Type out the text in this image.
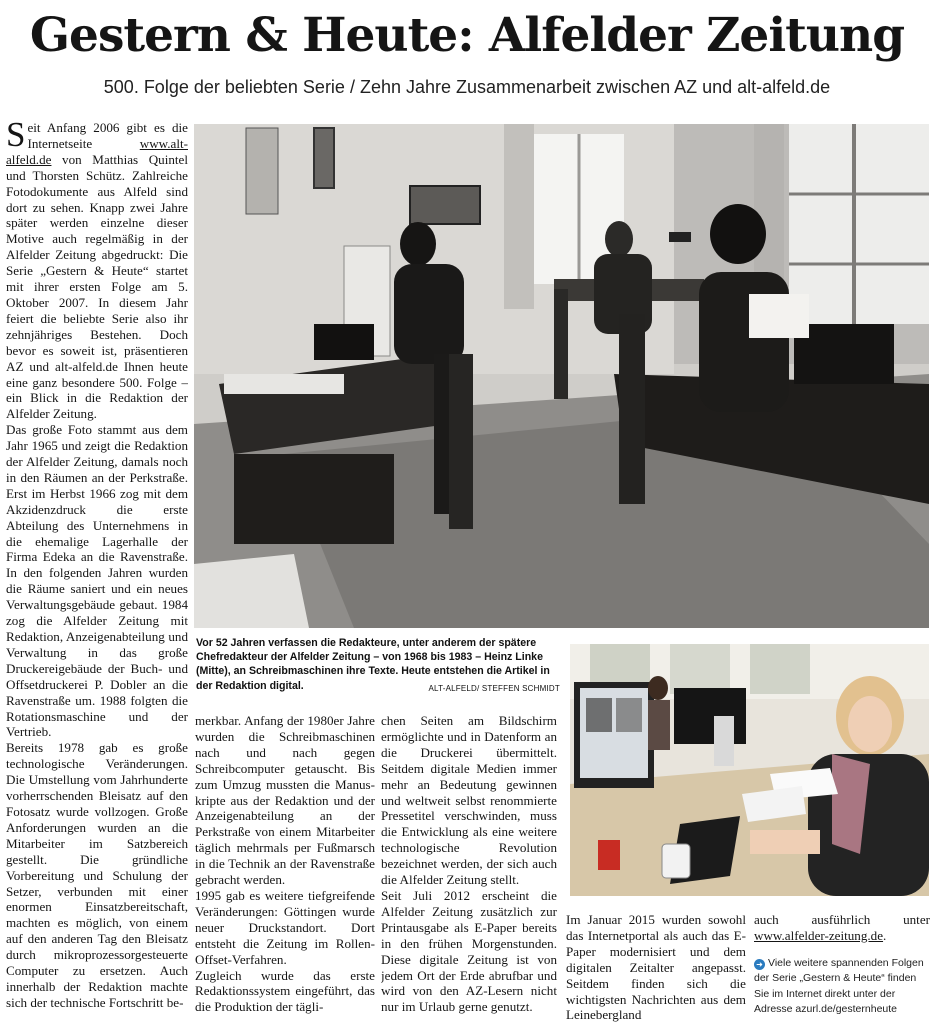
Gestern & Heute: Alfelder Zeitung
500. Folge der beliebten Serie / Zehn Jahre Zusammenarbeit zwischen AZ und alt-alfeld.de

Seit Anfang 2006 gibt es die Internetseite www.alt-alfeld.de von Matthias Quintel und Thorsten Schütz. Zahlreiche Fotodokumente aus Alfeld sind dort zu sehen. Knapp zwei Jahre später werden einzelne dieser Motive auch regelmäßig in der Alfelder Zeitung abgedruckt: Die Serie „Gestern & Heute“ startet mit ihrer ersten Folge am 5. Oktober 2007. In diesem Jahr feiert die beliebte Serie also ihr zehnjähriges Bestehen. Doch bevor es soweit ist, präsentieren AZ und alt-alfeld.de Ihnen heute eine ganz besondere 500. Folge – ein Blick in die Redaktion der Alfelder Zeitung.

Das große Foto stammt aus dem Jahr 1965 und zeigt die Redaktion der Alfelder Zeitung, damals noch in den Räumen an der Perkstraße. Erst im Herbst 1966 zog mit dem Akzidenzdruck die erste Abteilung des Unternehmens in die ehemalige Lagerhalle der Firma Edeka an die Ravenstraße. In den folgenden Jahren wurden die Räume saniert und ein neues Verwaltungsgebäude gebaut. 1984 zog die Alfelder Zeitung mit Redaktion, Anzeigenabteilung und Verwaltung in das große Druckereigebäude der Buch- und Offsetdruckerei P. Dobler an die Ravenstraße um. 1988 folgten die Rotationsmaschine und der Vertrieb.

Bereits 1978 gab es große technologische Veränderungen. Die Umstellung vom Jahrhunderte vorherrschenden Bleisatz auf den Fotosatz wurde vollzogen. Große Anforderungen wurden an die Mitarbeiter im Satzbereich gestellt. Die gründliche Vorbereitung und Schulung der Setzer, verbunden mit einer enormen Einsatzbereitschaft, machten es möglich, von einem auf den anderen Tag den Bleisatz durch mikroprozessorgesteuerte Computer zu ersetzen. Auch innerhalb der Redaktion machte sich der technische Fortschritt be-

Vor 52 Jahren verfassen die Redakteure, unter anderem der spätere Chefredakteur der Alfelder Zeitung – von 1968 bis 1983 – Heinz Linke (Mitte), an Schreibmaschinen ihre Texte. Heute entstehen die Artikel in der Redaktion digital.	ALT-ALFELD/ STEFFEN SCHMIDT

merkbar. Anfang der 1980er Jahre wurden die Schreibmaschinen nach und nach gegen Schreibcomputer getauscht. Bis zum Umzug mussten die Manus-kripte aus der Redaktion und der Anzeigenabteilung an der Perkstraße von einem Mitarbeiter täglich mehrmals per Fußmarsch in die Technik an der Ravenstraße gebracht werden.

1995 gab es weitere tiefgreifende Veränderungen: Göttingen wurde neuer Druckstandort. Dort entsteht die Zeitung im Rollen-Offset-Verfahren.

Zugleich wurde das erste Redaktionssystem eingeführt, das die Produktion der tägli-

chen Seiten am Bildschirm ermöglichte und in Datenform an die Druckerei übermittelt. Seitdem digitale Medien immer mehr an Bedeutung gewinnen und weltweit selbst renommierte Pressetitel verschwinden, muss die Entwicklung als eine weitere technologische Revolution bezeichnet werden, der sich auch die Alfelder Zeitung stellt.

Seit Juli 2012 erscheint die Alfelder Zeitung zusätzlich zur Printausgabe als E-Paper bereits in den frühen Morgenstunden. Diese digitale Zeitung ist von jedem Ort der Erde abrufbar und wird von den AZ-Lesern nicht nur im Urlaub gerne genutzt.

Im Januar 2015 wurden sowohl das Internetportal als auch das E-Paper modernisiert und dem digitalen Zeitalter angepasst. Seitdem finden sich die wichtigsten Nachrichten aus dem Leinebergland

auch ausführlich unter www.alfelder-zeitung.de.

➜ Viele weitere spannenden Folgen der Serie „Gestern & Heute“ finden Sie im Internet direkt unter der Adresse azurl.de/gesternheute
